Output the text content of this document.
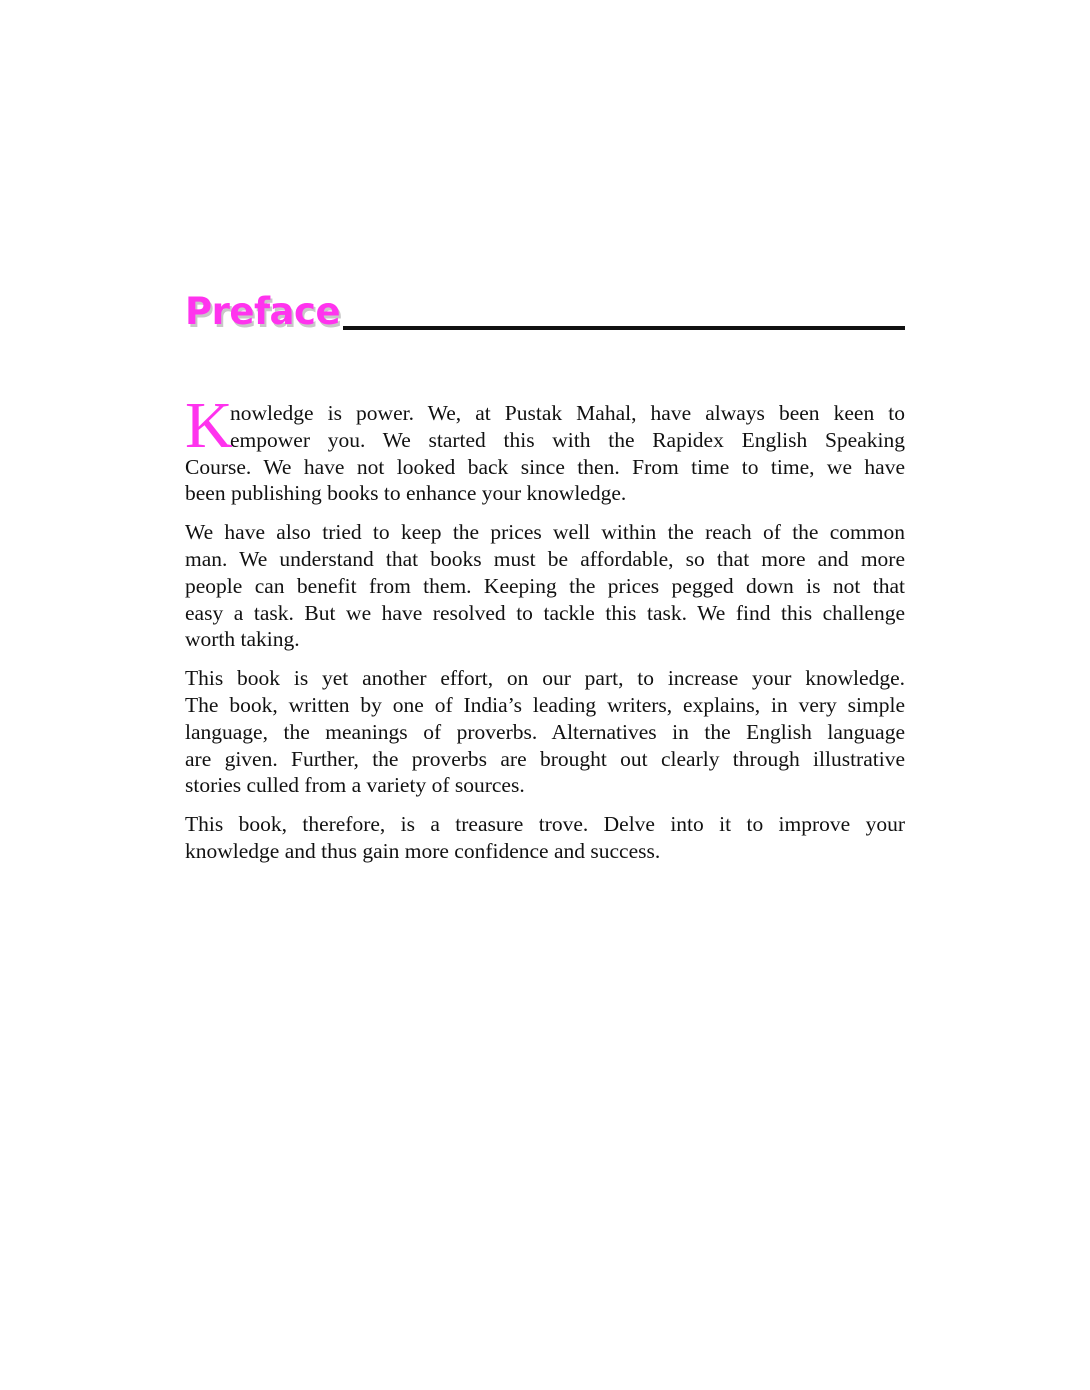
Preface
K
nowledge is power. We, at Pustak Mahal, have always been keen to
empower you. We started this with the Rapidex English Speaking
Course. We have not looked back since then. From time to time, we have
been publishing books to enhance your knowledge.
We have also tried to keep the prices well within the reach of the common
man. We understand that books must be affordable, so that more and more
people can benefit from them. Keeping the prices pegged down is not that
easy a task. But we have resolved to tackle this task. We find this challenge
worth taking.
This book is yet another effort, on our part, to increase your knowledge.
The book, written by one of India’s leading writers, explains, in very simple
language, the meanings of proverbs. Alternatives in the English language
are given. Further, the proverbs are brought out clearly through illustrative
stories culled from a variety of sources.
This book, therefore, is a treasure trove. Delve into it to improve your
knowledge and thus gain more confidence and success.
